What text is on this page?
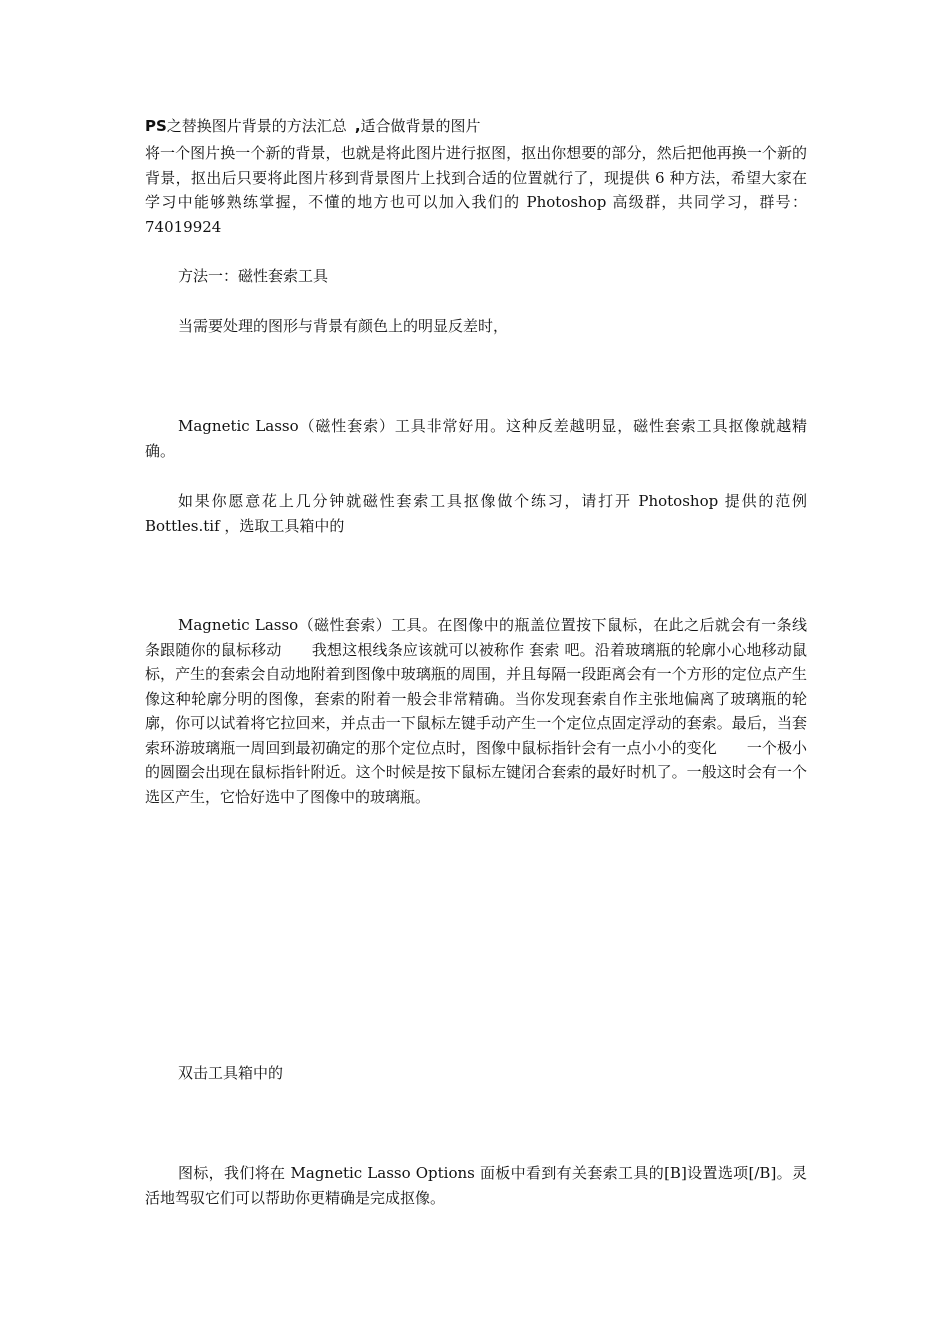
PS之替换图片背景的方法汇总 ,适合做背景的图片

将一个图片换一个新的背景，也就是将此图片进行抠图，抠出你想要的部分，然后把他再换一个新的背景，抠出后只要将此图片移到背景图片上找到合适的位置就行了，现提供 6 种方法，希望大家在学习中能够熟练掌握，不懂的地方也可以加入我们的 Photoshop 高级群，共同学习，群号：74019924

方法一：磁性套索工具

当需要处理的图形与背景有颜色上的明显反差时，

Magnetic Lasso（磁性套索）工具非常好用。这种反差越明显，磁性套索工具抠像就越精确。

如果你愿意花上几分钟就磁性套索工具抠像做个练习，请打开 Photoshop 提供的范例 Bottles.tif ，选取工具箱中的

Magnetic Lasso（磁性套索）工具。在图像中的瓶盖位置按下鼠标，在此之后就会有一条线条跟随你的鼠标移动　　我想这根线条应该就可以被称作 套索 吧。沿着玻璃瓶的轮廓小心地移动鼠标，产生的套索会自动地附着到图像中玻璃瓶的周围，并且每隔一段距离会有一个方形的定位点产生　　像这种轮廓分明的图像，套索的附着一般会非常精确。当你发现套索自作主张地偏离了玻璃瓶的轮廓，你可以试着将它拉回来，并点击一下鼠标左键手动产生一个定位点固定浮动的套索。最后，当套索环游玻璃瓶一周回到最初确定的那个定位点时，图像中鼠标指针会有一点小小的变化　　一个极小的圆圈会出现在鼠标指针附近。这个时候是按下鼠标左键闭合套索的最好时机了。一般这时会有一个选区产生，它恰好选中了图像中的玻璃瓶。

双击工具箱中的

图标，我们将在 Magnetic Lasso Options 面板中看到有关套索工具的[B]设置选项[/B]。灵活地驾驭它们可以帮助你更精确是完成抠像。
